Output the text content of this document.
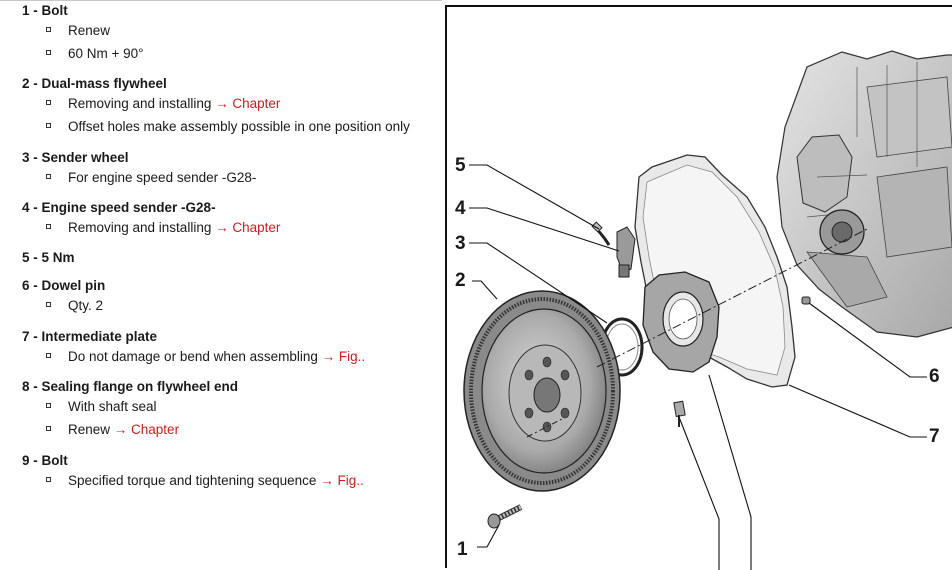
1 - Bolt
Renew
60 Nm + 90°
2 - Dual-mass flywheel
Removing and installing → Chapter
Offset holes make assembly possible in one position only
3 - Sender wheel
For engine speed sender -G28-
4 - Engine speed sender -G28-
Removing and installing → Chapter
5 - 5 Nm
6 - Dowel pin
Qty. 2
7 - Intermediate plate
Do not damage or bend when assembling → Fig..
8 - Sealing flange on flywheel end
With shaft seal
Renew → Chapter
9 - Bolt
Specified torque and tightening sequence → Fig..
5
4
3
2
6
7
1
